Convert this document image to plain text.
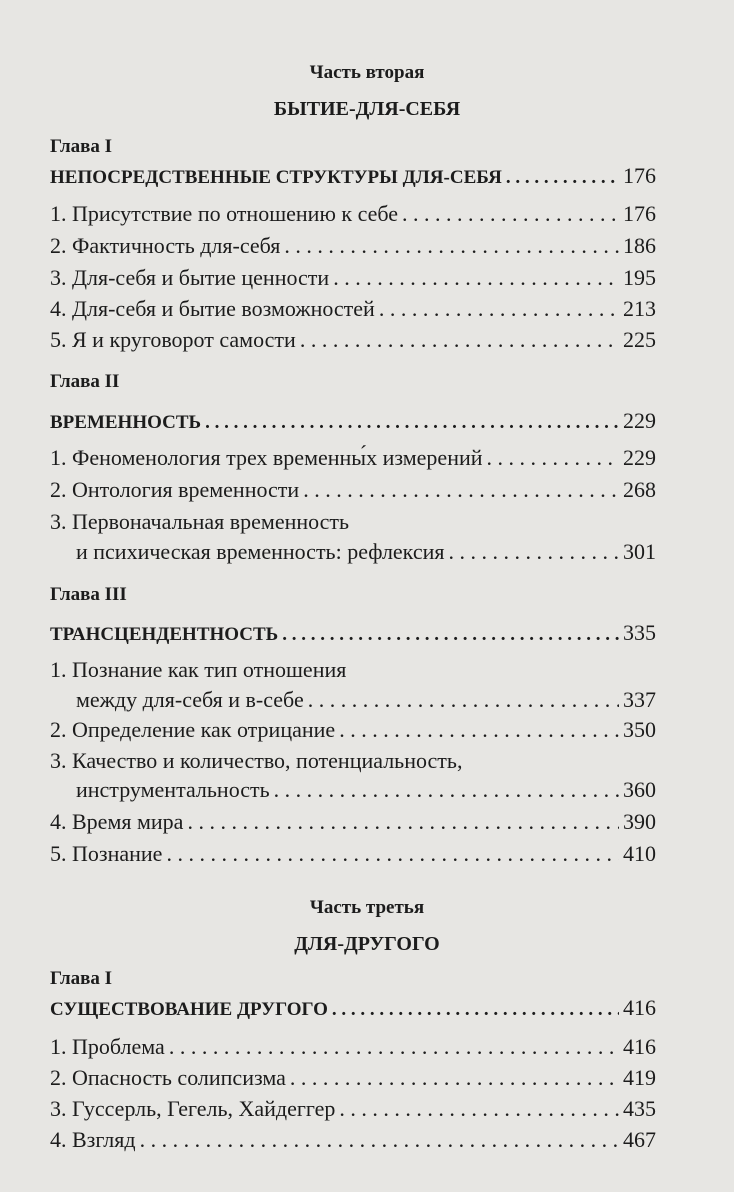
Часть вторая
БЫТИЕ-ДЛЯ-СЕБЯ
Глава I
НЕПОСРЕДСТВЕННЫЕ СТРУКТУРЫ ДЛЯ-СЕБЯ . . .	176
1. Присутствие по отношению к себе . . .	176
2. Фактичность для-себя . . .	186
3. Для-себя и бытие ценности . . .	195
4. Для-себя и бытие возможностей . . .	213
5. Я и круговорот самости . . .	225
Глава II
ВРЕМЕННОСТЬ . . .	229
1. Феноменология трех временны́х измерений . . .	229
2. Онтология временности . . .	268
3. Первоначальная временность
и психическая временность: рефлексия . . .	301
Глава III
ТРАНСЦЕНДЕНТНОСТЬ . . .	335
1. Познание как тип отношения
между для-себя и в-себе . . .	337
2. Определение как отрицание . . .	350
3. Качество и количество, потенциальность,
инструментальность . . .	360
4. Время мира . . .	390
5. Познание . . .	410
Часть третья
ДЛЯ-ДРУГОГО
Глава I
СУЩЕСТВОВАНИЕ ДРУГОГО . . .	416
1. Проблема . . .	416
2. Опасность солипсизма . . .	419
3. Гуссерль, Гегель, Хайдеггер . . .	435
4. Взгляд . . .	467
